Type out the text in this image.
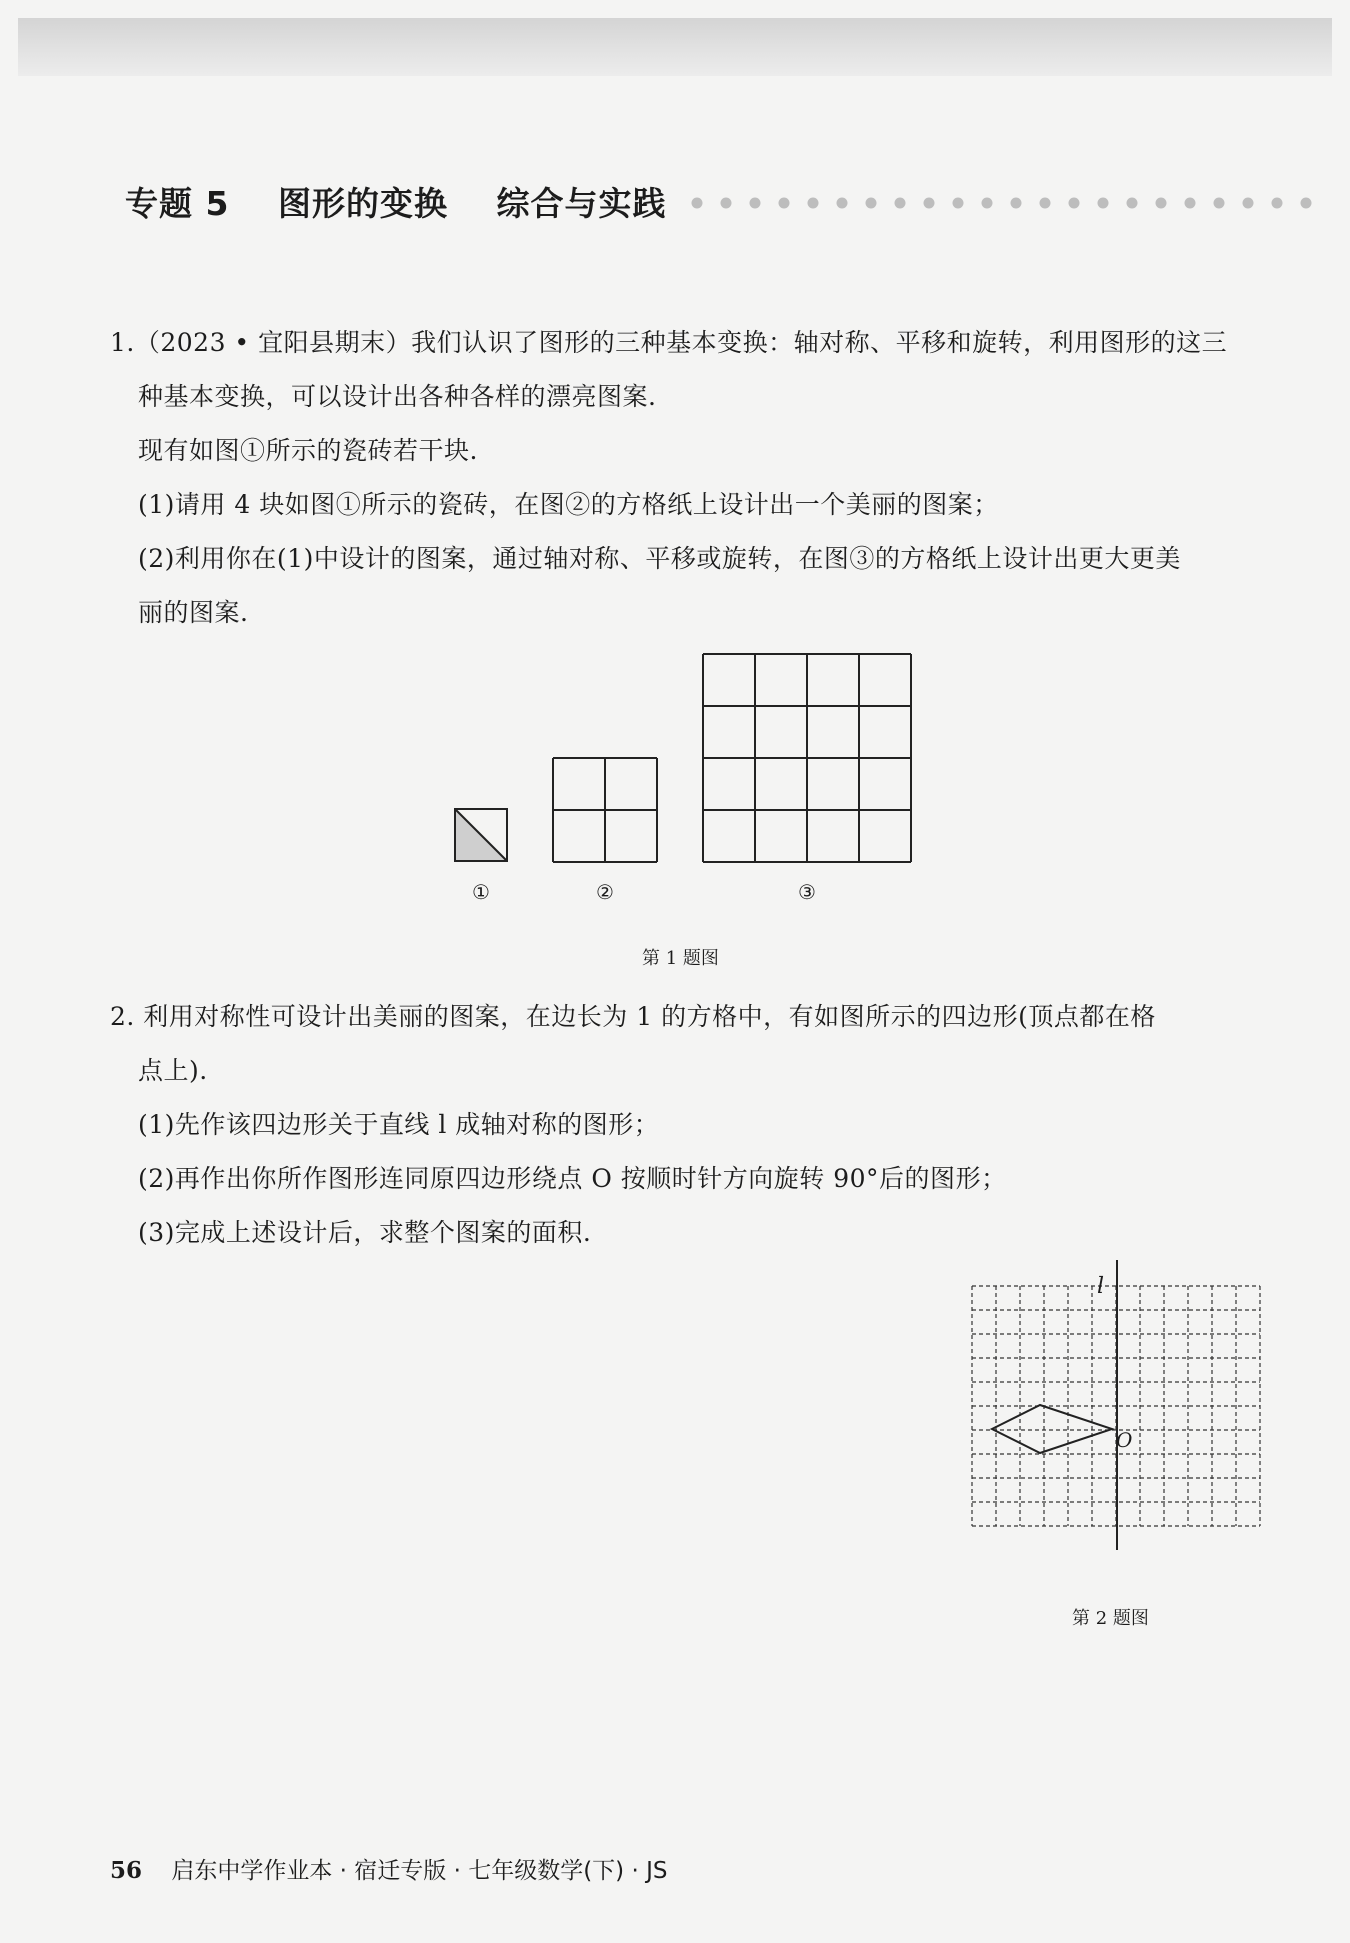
专题 5 图形的变换 综合与实践
1.（2023 • 宜阳县期末）我们认识了图形的三种基本变换：轴对称、平移和旋转，利用图形的这三
种基本变换，可以设计出各种各样的漂亮图案.
现有如图①所示的瓷砖若干块.
(1)请用 4 块如图①所示的瓷砖，在图②的方格纸上设计出一个美丽的图案；
(2)利用你在(1)中设计的图案，通过轴对称、平移或旋转，在图③的方格纸上设计出更大更美
丽的图案.
①	②	③
第 1 题图
2. 利用对称性可设计出美丽的图案，在边长为 1 的方格中，有如图所示的四边形(顶点都在格
点上).
(1)先作该四边形关于直线 l 成轴对称的图形；
(2)再作出你所作图形连同原四边形绕点 O 按顺时针方向旋转 90°后的图形；
(3)完成上述设计后，求整个图案的面积.
l
O
第 2 题图
56 启东中学作业本 · 宿迁专版 · 七年级数学(下) · JS
